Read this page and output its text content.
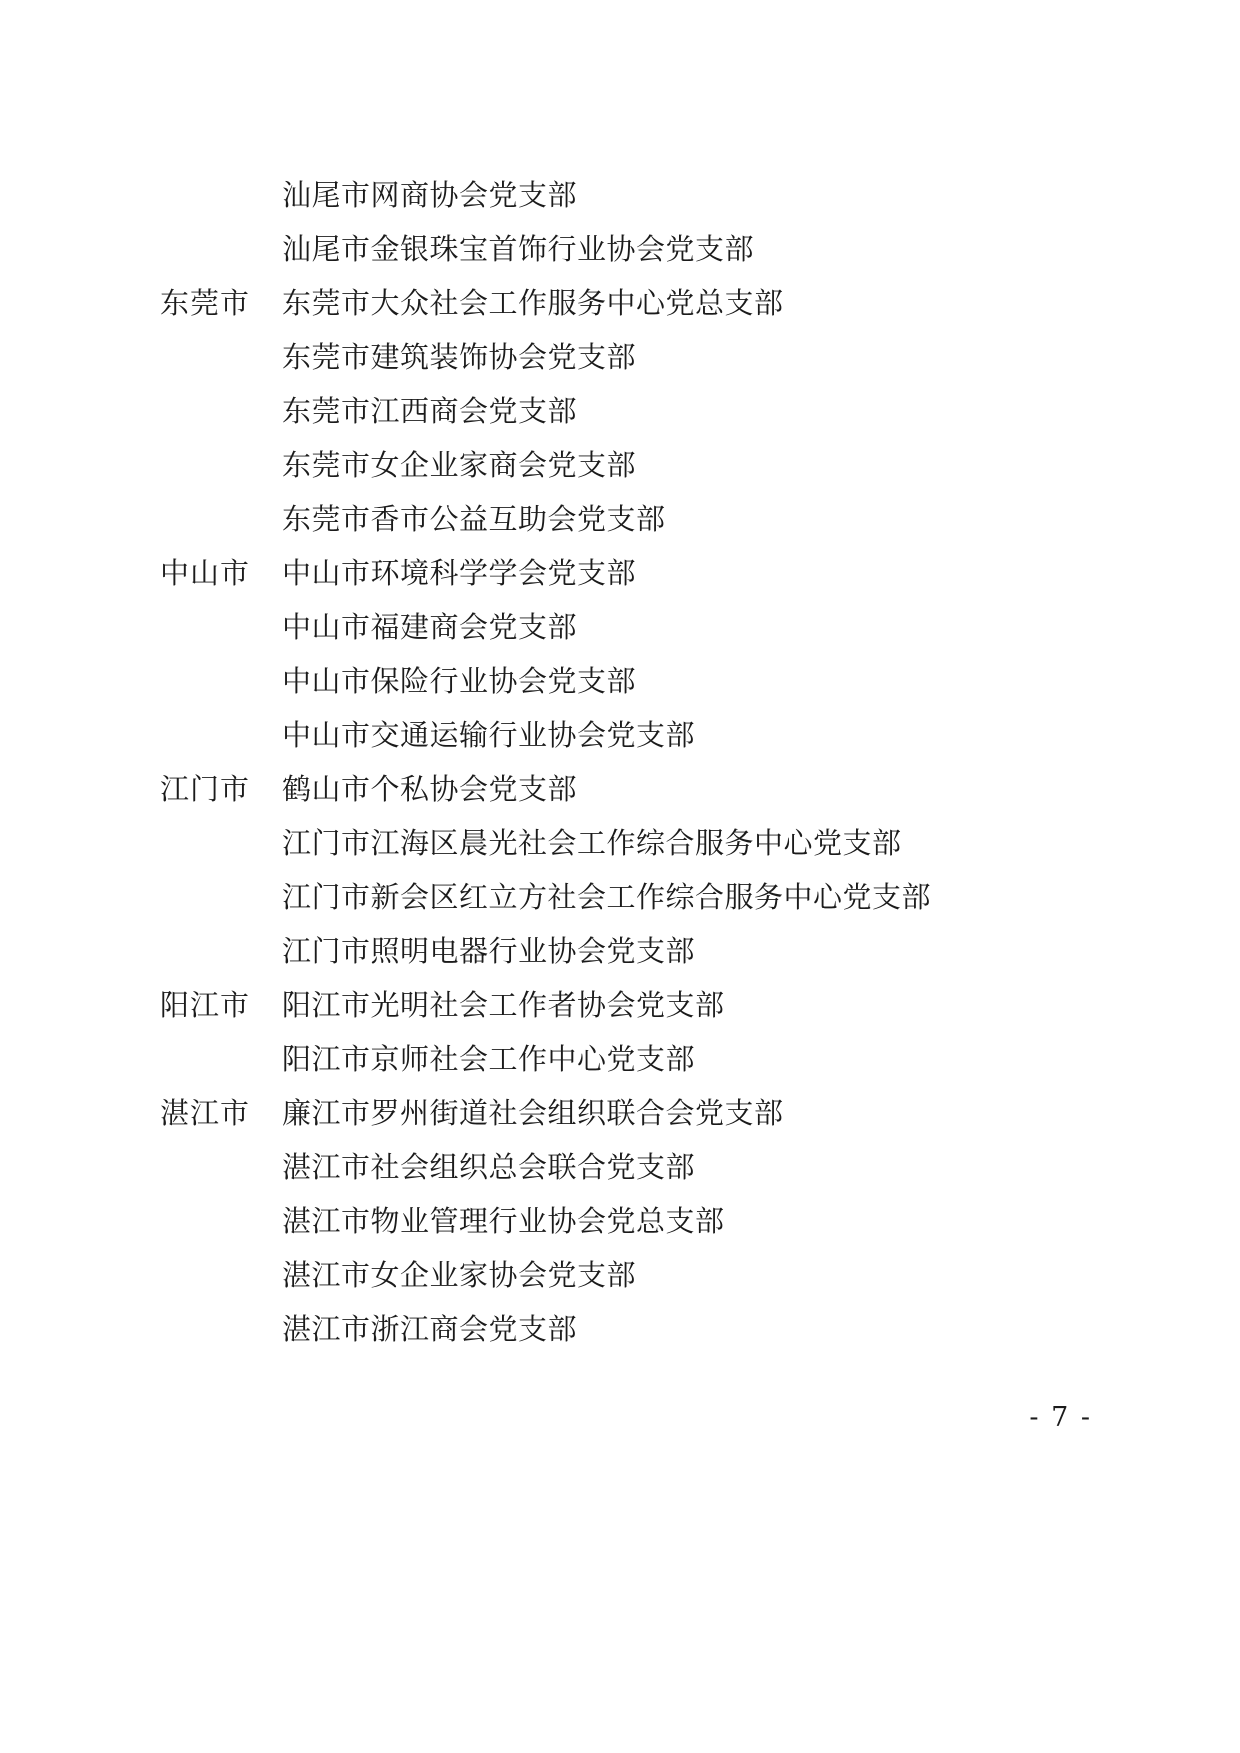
汕尾市网商协会党支部
汕尾市金银珠宝首饰行业协会党支部
东莞市	东莞市大众社会工作服务中心党总支部
东莞市建筑装饰协会党支部
东莞市江西商会党支部
东莞市女企业家商会党支部
东莞市香市公益互助会党支部
中山市	中山市环境科学学会党支部
中山市福建商会党支部
中山市保险行业协会党支部
中山市交通运输行业协会党支部
江门市	鹤山市个私协会党支部
江门市江海区晨光社会工作综合服务中心党支部
江门市新会区红立方社会工作综合服务中心党支部
江门市照明电器行业协会党支部
阳江市	阳江市光明社会工作者协会党支部
阳江市京师社会工作中心党支部
湛江市	廉江市罗州街道社会组织联合会党支部
湛江市社会组织总会联合党支部
湛江市物业管理行业协会党总支部
湛江市女企业家协会党支部
湛江市浙江商会党支部
- 7 -
